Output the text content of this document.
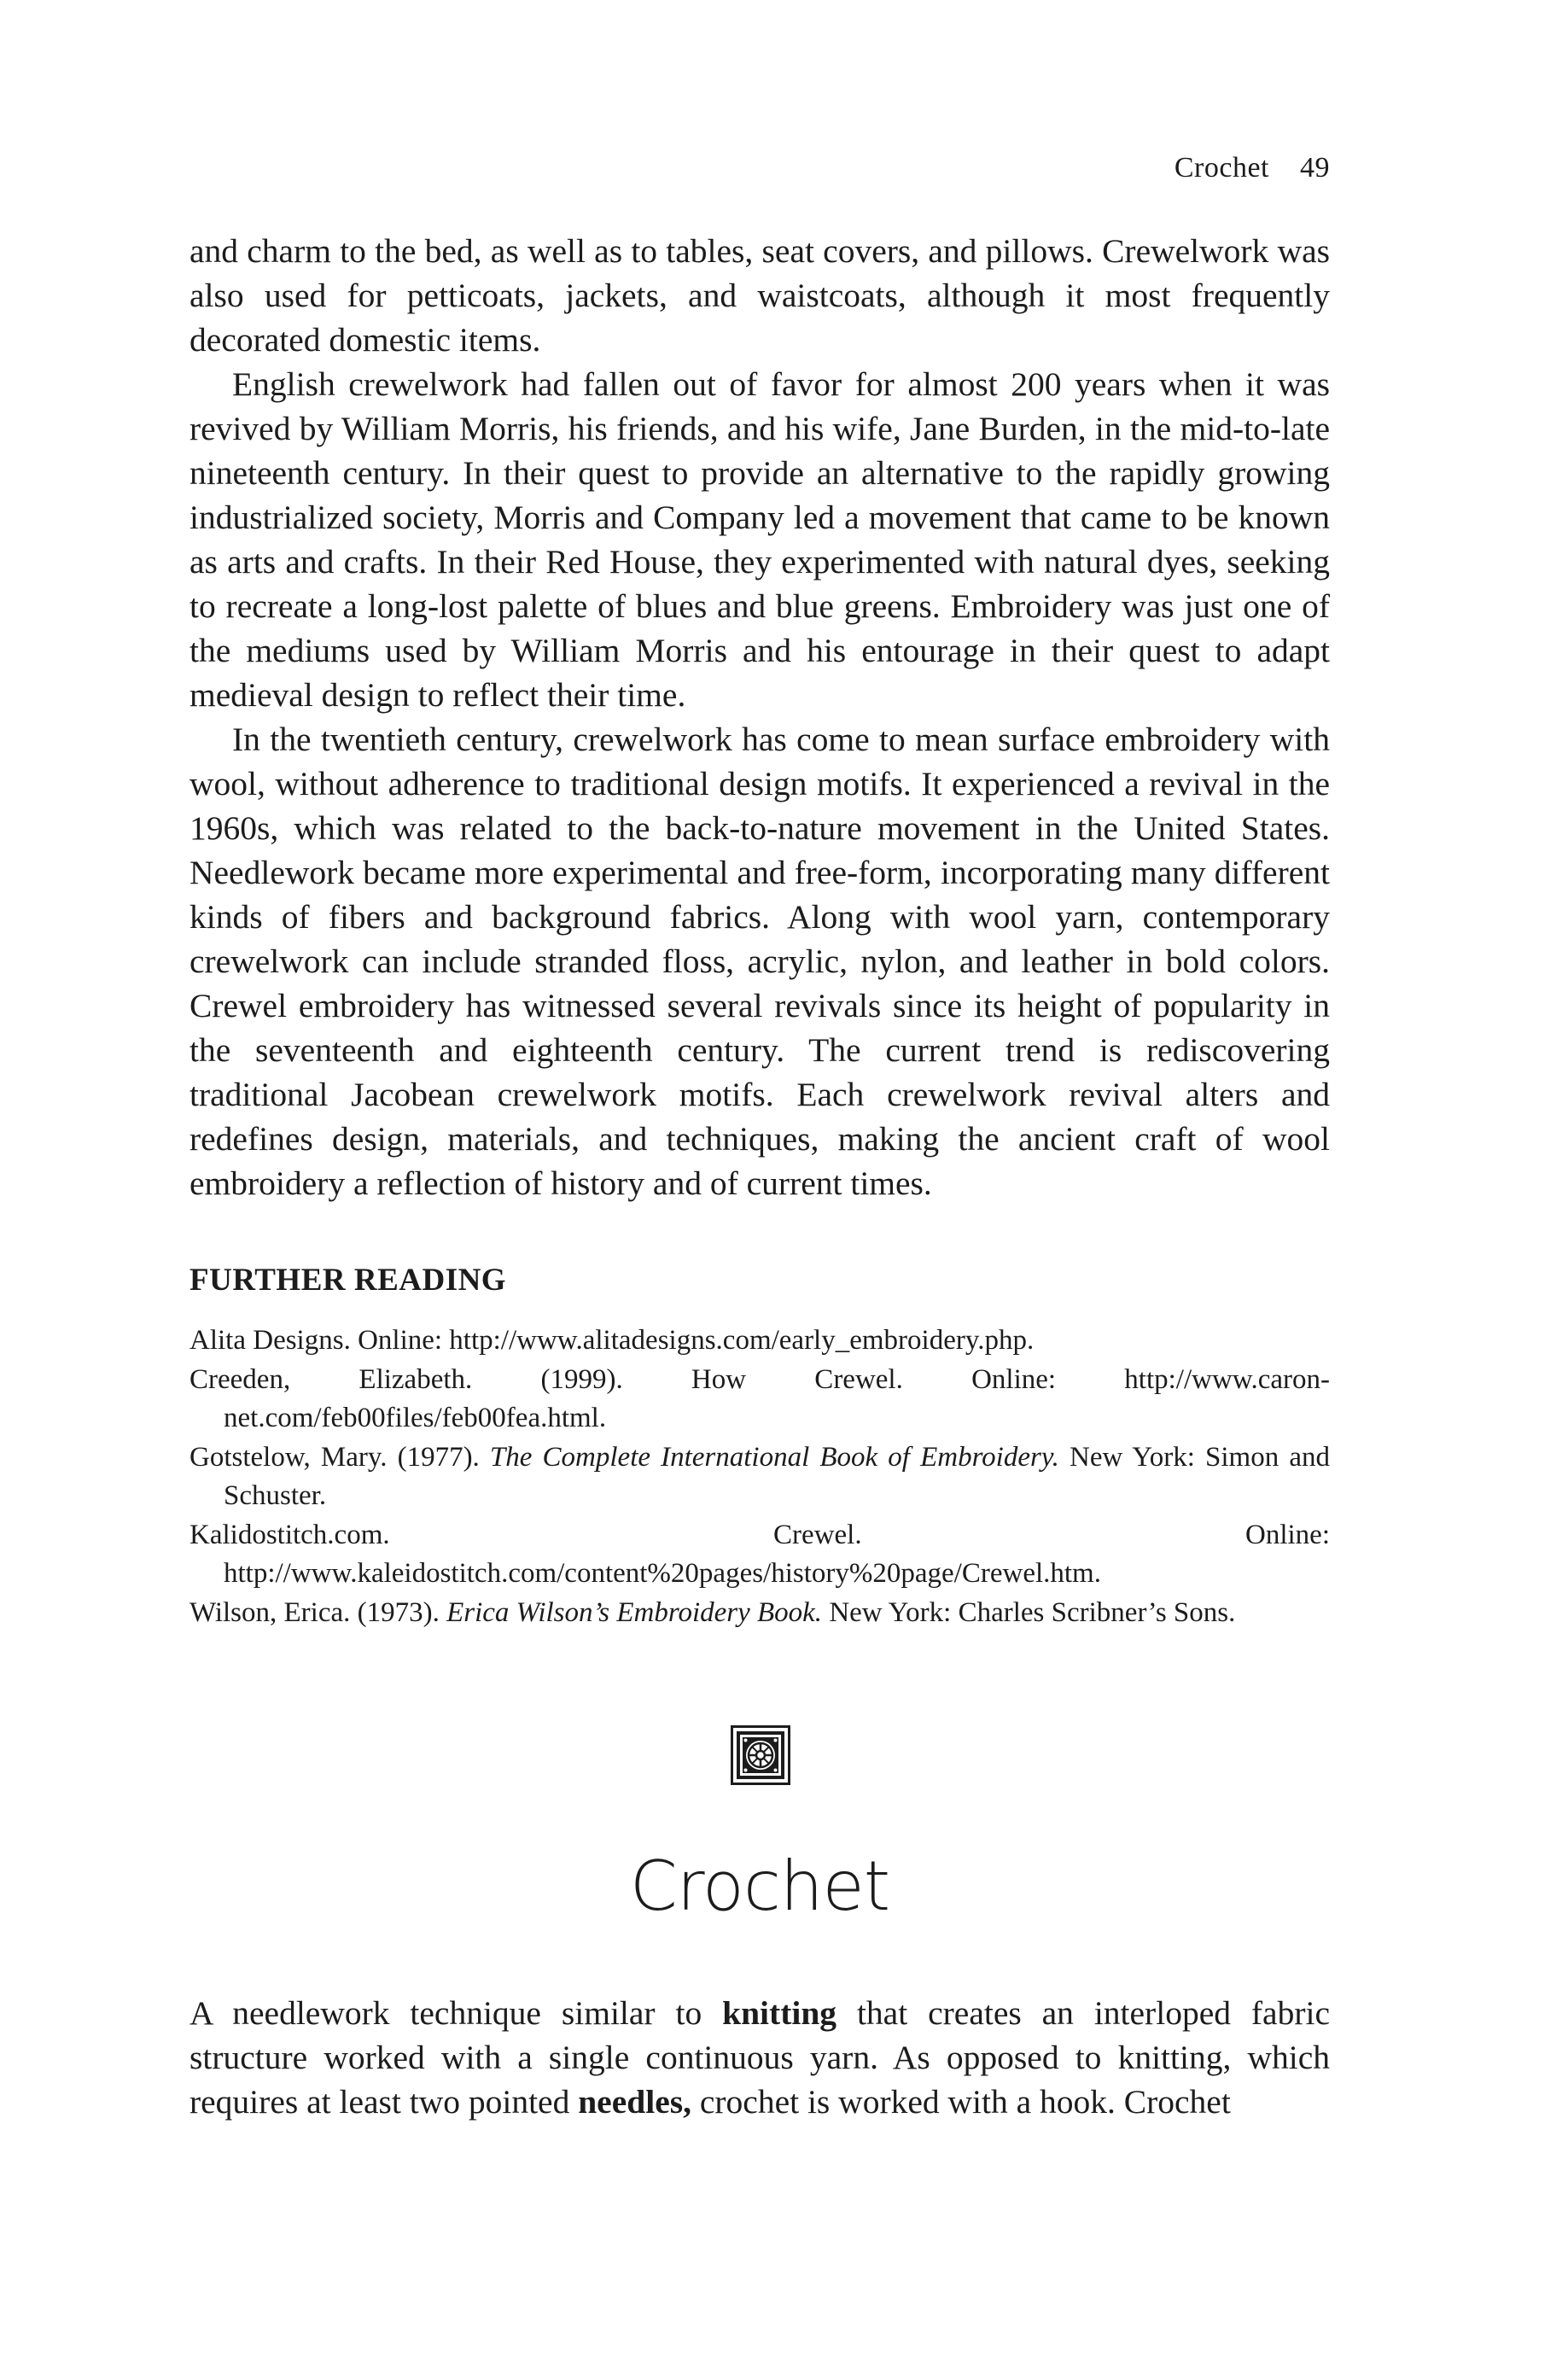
Crochet 49

and charm to the bed, as well as to tables, seat covers, and pillows. Crewelwork was also used for petticoats, jackets, and waistcoats, although it most frequently decorated domestic items.

English crewelwork had fallen out of favor for almost 200 years when it was revived by William Morris, his friends, and his wife, Jane Burden, in the mid-to-late nineteenth century. In their quest to provide an alternative to the rapidly growing industrialized society, Morris and Company led a movement that came to be known as arts and crafts. In their Red House, they experimented with natural dyes, seeking to recreate a long-lost palette of blues and blue greens. Embroidery was just one of the mediums used by William Morris and his entourage in their quest to adapt medieval design to reflect their time.

In the twentieth century, crewelwork has come to mean surface embroidery with wool, without adherence to traditional design motifs. It experienced a revival in the 1960s, which was related to the back-to-nature movement in the United States. Needlework became more experimental and free-form, incorporating many different kinds of fibers and background fabrics. Along with wool yarn, contemporary crewelwork can include stranded floss, acrylic, nylon, and leather in bold colors. Crewel embroidery has witnessed several revivals since its height of popularity in the seventeenth and eighteenth century. The current trend is rediscovering traditional Jacobean crewelwork motifs. Each crewelwork revival alters and redefines design, materials, and techniques, making the ancient craft of wool embroidery a reflection of history and of current times.

FURTHER READING
Alita Designs. Online: http://www.alitadesigns.com/early_embroidery.php.
Creeden, Elizabeth. (1999). How Crewel. Online: http://www.caron-net.com/feb00files/feb00fea.html.
Gotstelow, Mary. (1977). The Complete International Book of Embroidery. New York: Simon and Schuster.
Kalidostitch.com. Crewel. Online: http://www.kaleidostitch.com/content%20pages/history%20page/Crewel.htm.
Wilson, Erica. (1973). Erica Wilson’s Embroidery Book. New York: Charles Scribner’s Sons.
Crochet

A needlework technique similar to knitting that creates an interloped fabric structure worked with a single continuous yarn. As opposed to knitting, which requires at least two pointed needles, crochet is worked with a hook. Crochet
